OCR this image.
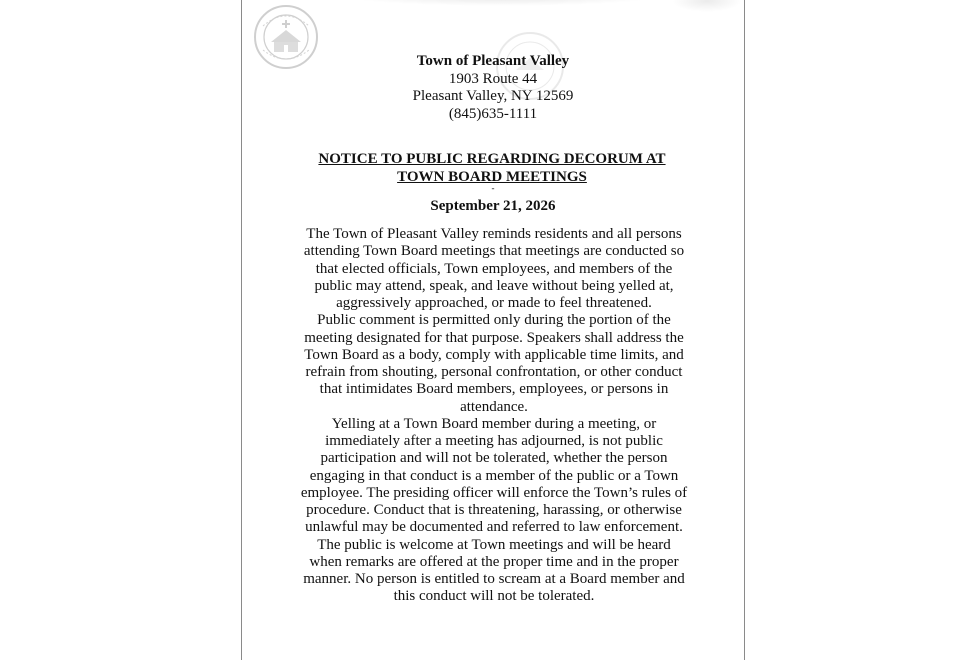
Town of Pleasant Valley
1903 Route 44
Pleasant Valley, NY 12569
(845)635-1111
NOTICE TO PUBLIC REGARDING DECORUM AT TOWN BOARD MEETINGS
-
September 21, 2026

The Town of Pleasant Valley reminds residents and all persons attending Town Board meetings that meetings are conducted so that elected officials, Town employees, and members of the public may attend, speak, and leave without being yelled at, aggressively approached, or made to feel threatened.

Public comment is permitted only during the portion of the meeting designated for that purpose. Speakers shall address the Town Board as a body, comply with applicable time limits, and refrain from shouting, personal confrontation, or other conduct that intimidates Board members, employees, or persons in attendance.

Yelling at a Town Board member during a meeting, or immediately after a meeting has adjourned, is not public participation and will not be tolerated, whether the person engaging in that conduct is a member of the public or a Town employee. The presiding officer will enforce the Town’s rules of procedure. Conduct that is threatening, harassing, or otherwise unlawful may be documented and referred to law enforcement.

The public is welcome at Town meetings and will be heard when remarks are offered at the proper time and in the proper manner. No person is entitled to scream at a Board member and this conduct will not be tolerated.
